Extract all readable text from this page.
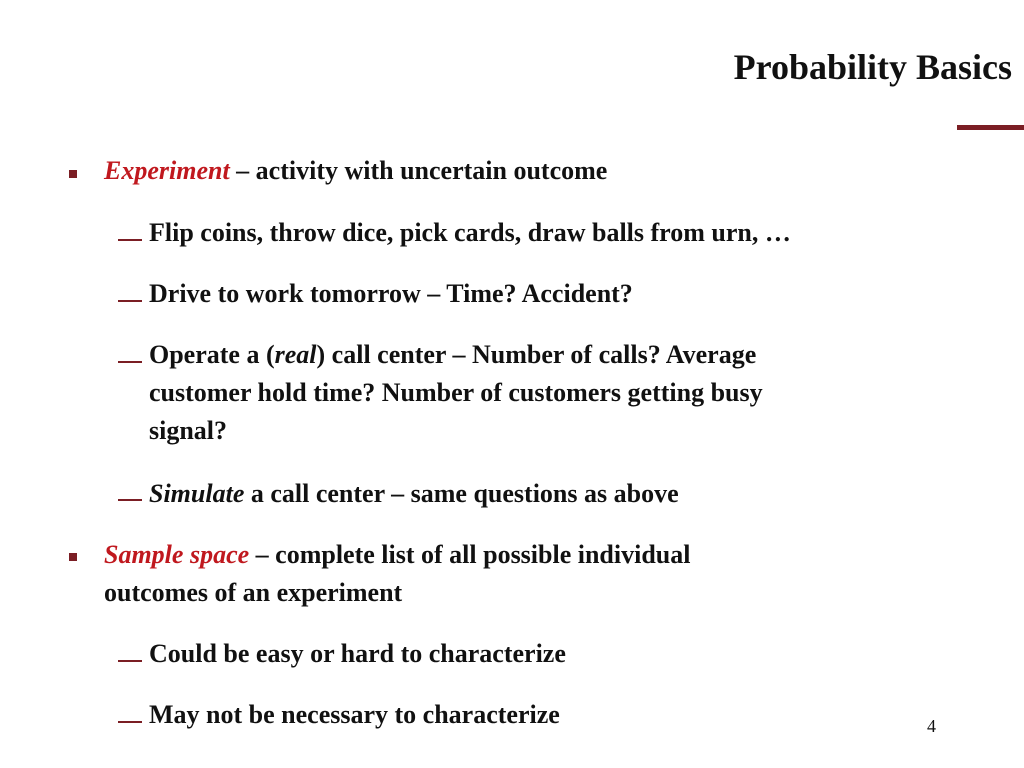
Probability Basics
Experiment – activity with uncertain outcome
Flip coins, throw dice, pick cards, draw balls from urn, …
Drive to work tomorrow – Time? Accident?
Operate a (real) call center – Number of calls? Average
customer hold time? Number of customers getting busy
signal?
Simulate a call center – same questions as above
Sample space – complete list of all possible individual
outcomes of an experiment
Could be easy or hard to characterize
May not be necessary to characterize	4
